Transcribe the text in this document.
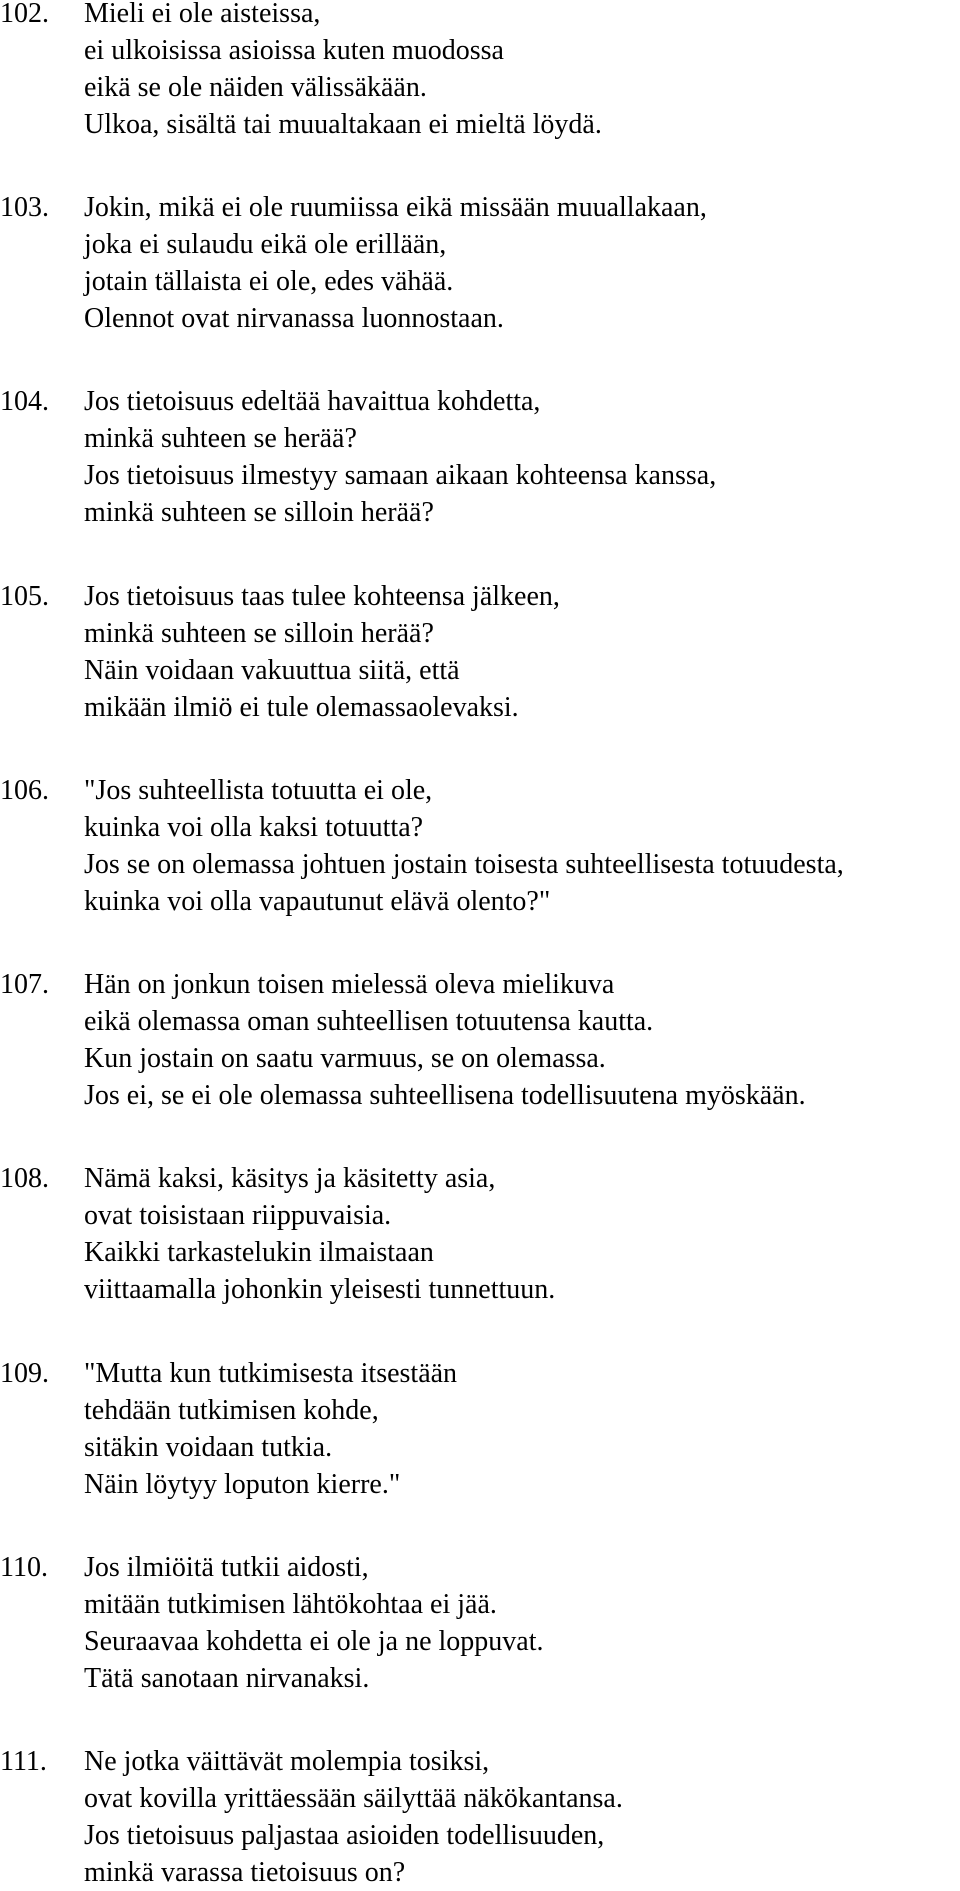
102. Mieli ei ole aisteissa,
ei ulkoisissa asioissa kuten muodossa
eikä se ole näiden välissäkään.
Ulkoa, sisältä tai muualtakaan ei mieltä löydä.
103. Jokin, mikä ei ole ruumiissa eikä missään muuallakaan,
joka ei sulaudu eikä ole erillään,
jotain tällaista ei ole, edes vähää.
Olennot ovat nirvanassa luonnostaan.
104. Jos tietoisuus edeltää havaittua kohdetta,
minkä suhteen se herää?
Jos tietoisuus ilmestyy samaan aikaan kohteensa kanssa,
minkä suhteen se silloin herää?
105. Jos tietoisuus taas tulee kohteensa jälkeen,
minkä suhteen se silloin herää?
Näin voidaan vakuuttua siitä, että
mikään ilmiö ei tule olemassaolevaksi.
106. "Jos suhteellista totuutta ei ole,
kuinka voi olla kaksi totuutta?
Jos se on olemassa johtuen jostain toisesta suhteellisesta totuudesta,
kuinka voi olla vapautunut elävä olento?"
107. Hän on jonkun toisen mielessä oleva mielikuva
eikä olemassa oman suhteellisen totuutensa kautta.
Kun jostain on saatu varmuus, se on olemassa.
Jos ei, se ei ole olemassa suhteellisena todellisuutena myöskään.
108. Nämä kaksi, käsitys ja käsitetty asia,
ovat toisistaan riippuvaisia.
Kaikki tarkastelukin ilmaistaan
viittaamalla johonkin yleisesti tunnettuun.
109. "Mutta kun tutkimisesta itsestään
tehdään tutkimisen kohde,
sitäkin voidaan tutkia.
Näin löytyy loputon kierre."
110. Jos ilmiöitä tutkii aidosti,
mitään tutkimisen lähtökohtaa ei jää.
Seuraavaa kohdetta ei ole ja ne loppuvat.
Tätä sanotaan nirvanaksi.
111. Ne jotka väittävät molempia tosiksi,
ovat kovilla yrittäessään säilyttää näkökantansa.
Jos tietoisuus paljastaa asioiden todellisuuden,
minkä varassa tietoisuus on?
